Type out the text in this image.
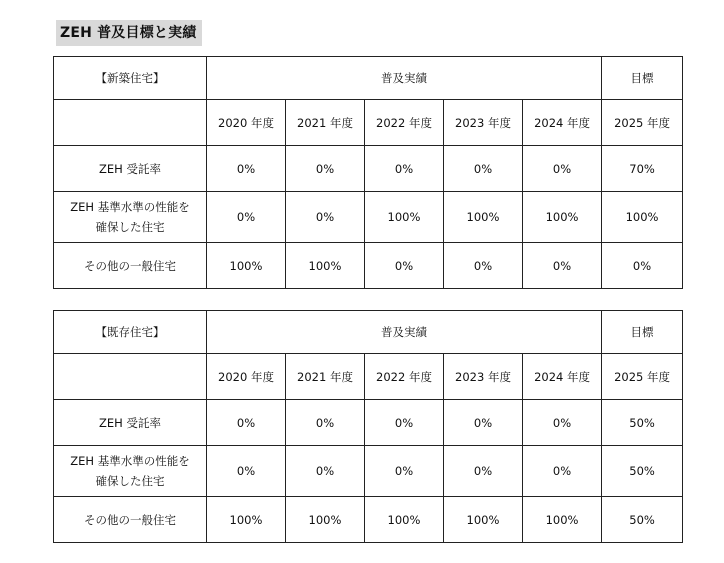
ZEH 普及目標と実績
【新築住宅】	普及実績					目標
	2020 年度	2021 年度	2022 年度	2023 年度	2024 年度	2025 年度
ZEH 受託率	0%	0%	0%	0%	0%	70%

ZEH 基準水準の性能を
確保した住宅	0%	0%	100%	100%	100%	100%
その他の一般住宅	100%	100%	0%	0%	0%	0%
【既存住宅】	普及実績					目標
	2020 年度	2021 年度	2022 年度	2023 年度	2024 年度	2025 年度
ZEH 受託率	0%	0%	0%	0%	0%	50%

ZEH 基準水準の性能を
確保した住宅	0%	0%	0%	0%	0%	50%
その他の一般住宅	100%	100%	100%	100%	100%	50%
